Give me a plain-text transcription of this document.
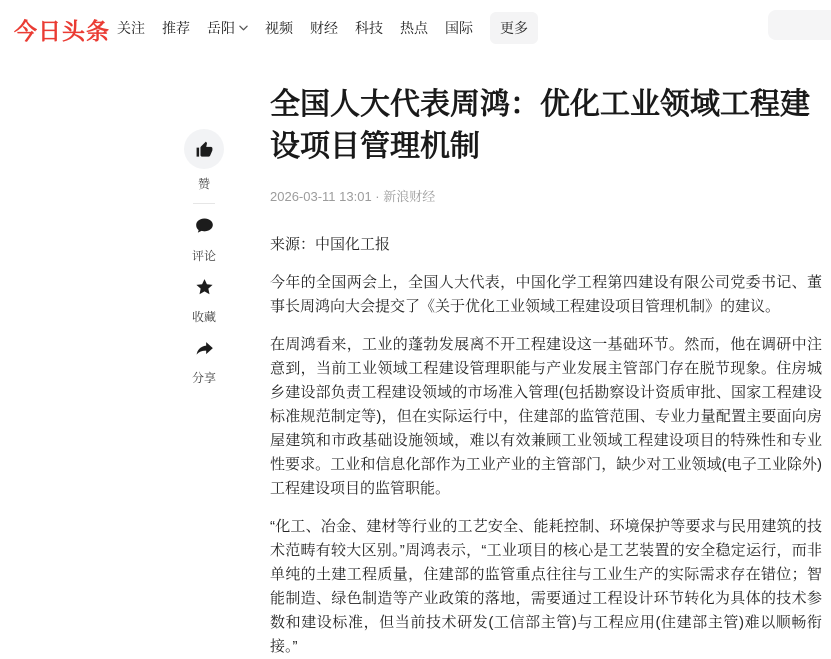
今日头条 关注 推荐 岳阳 视频 财经 科技 热点 国际 更多
赞
评论
收藏
分享
全国人大代表周鸿：优化工业领域工程建设项目管理机制
2026-03-11 13:01 · 新浪财经

来源：中国化工报

今年的全国两会上，全国人大代表，中国化学工程第四建设有限公司党委书记、董事长周鸿向大会提交了《关于优化工业领域工程建设项目管理机制》的建议。

在周鸿看来，工业的蓬勃发展离不开工程建设这一基础环节。然而，他在调研中注意到，当前工业领域工程建设管理职能与产业发展主管部门存在脱节现象。住房城乡建设部负责工程建设领域的市场准入管理(包括勘察设计资质审批、国家工程建设标准规范制定等)，但在实际运行中，住建部的监管范围、专业力量配置主要面向房屋建筑和市政基础设施领域，难以有效兼顾工业领域工程建设项目的特殊性和专业性要求。工业和信息化部作为工业产业的主管部门，缺少对工业领域(电子工业除外)工程建设项目的监管职能。

“化工、冶金、建材等行业的工艺安全、能耗控制、环境保护等要求与民用建筑的技术范畴有较大区别。”周鸿表示，“工业项目的核心是工艺装置的安全稳定运行，而非单纯的土建工程质量，住建部的监管重点往往与工业生产的实际需求存在错位；智能制造、绿色制造等产业政策的落地，需要通过工程设计环节转化为具体的技术参数和建设标准，但当前技术研发(工信部主管)与工程应用(住建部主管)难以顺畅衔接。”
